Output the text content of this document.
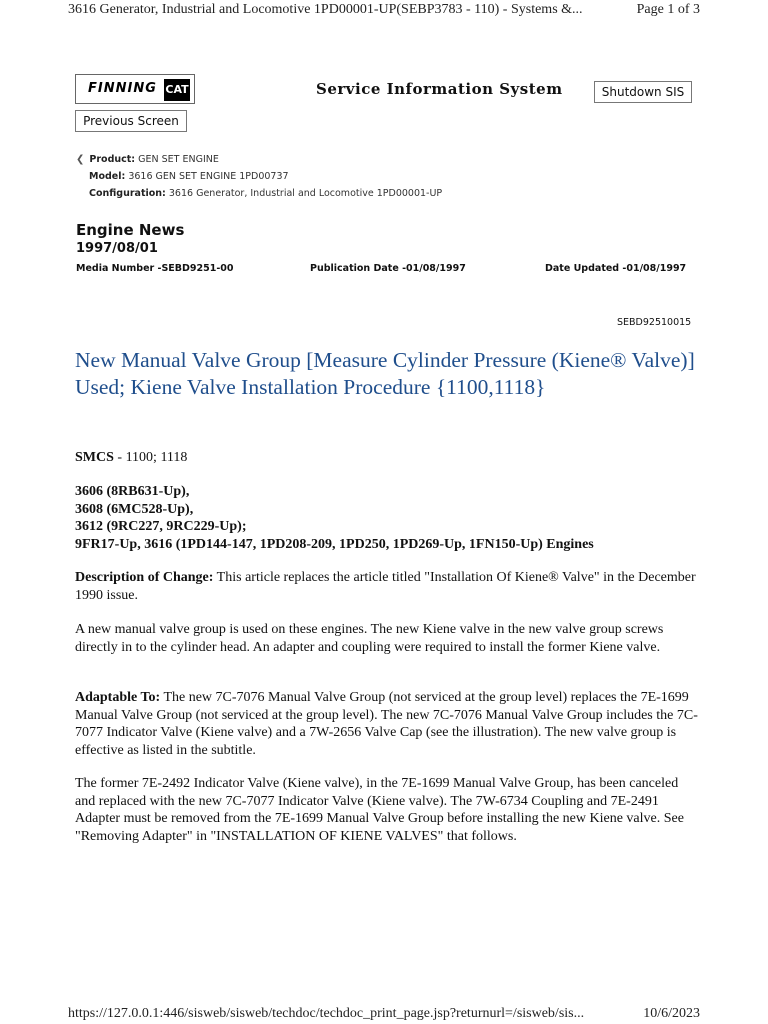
3616 Generator, Industrial and Locomotive 1PD00001-UP(SEBP3783 - 110) - Systems &...	Page 1 of 3
FINNING CAT	Service Information System	Shutdown SIS
Previous Screen
❮ Product: GEN SET ENGINE
Model: 3616 GEN SET ENGINE 1PD00737
Configuration: 3616 Generator, Industrial and Locomotive 1PD00001-UP
Engine News
1997/08/01
Media Number -SEBD9251-00	Publication Date -01/08/1997	Date Updated -01/08/1997
SEBD92510015
New Manual Valve Group [Measure Cylinder Pressure (Kiene® Valve)] Used; Kiene Valve Installation Procedure {1100,1118}
SMCS - 1100; 1118
3606 (8RB631-Up),
3608 (6MC528-Up),
3612 (9RC227, 9RC229-Up);
9FR17-Up, 3616 (1PD144-147, 1PD208-209, 1PD250, 1PD269-Up, 1FN150-Up) Engines

Description of Change: This article replaces the article titled "Installation Of Kiene® Valve" in the December 1990 issue.

A new manual valve group is used on these engines. The new Kiene valve in the new valve group screws directly in to the cylinder head. An adapter and coupling were required to install the former Kiene valve.

Adaptable To: The new 7C-7076 Manual Valve Group (not serviced at the group level) replaces the 7E-1699 Manual Valve Group (not serviced at the group level). The new 7C-7076 Manual Valve Group includes the 7C-7077 Indicator Valve (Kiene valve) and a 7W-2656 Valve Cap (see the illustration). The new valve group is effective as listed in the subtitle.

The former 7E-2492 Indicator Valve (Kiene valve), in the 7E-1699 Manual Valve Group, has been canceled and replaced with the new 7C-7077 Indicator Valve (Kiene valve). The 7W-6734 Coupling and 7E-2491 Adapter must be removed from the 7E-1699 Manual Valve Group before installing the new Kiene valve. See "Removing Adapter" in "INSTALLATION OF KIENE VALVES" that follows.

https://127.0.0.1:446/sisweb/sisweb/techdoc/techdoc_print_page.jsp?returnurl=/sisweb/sis...	10/6/2023
